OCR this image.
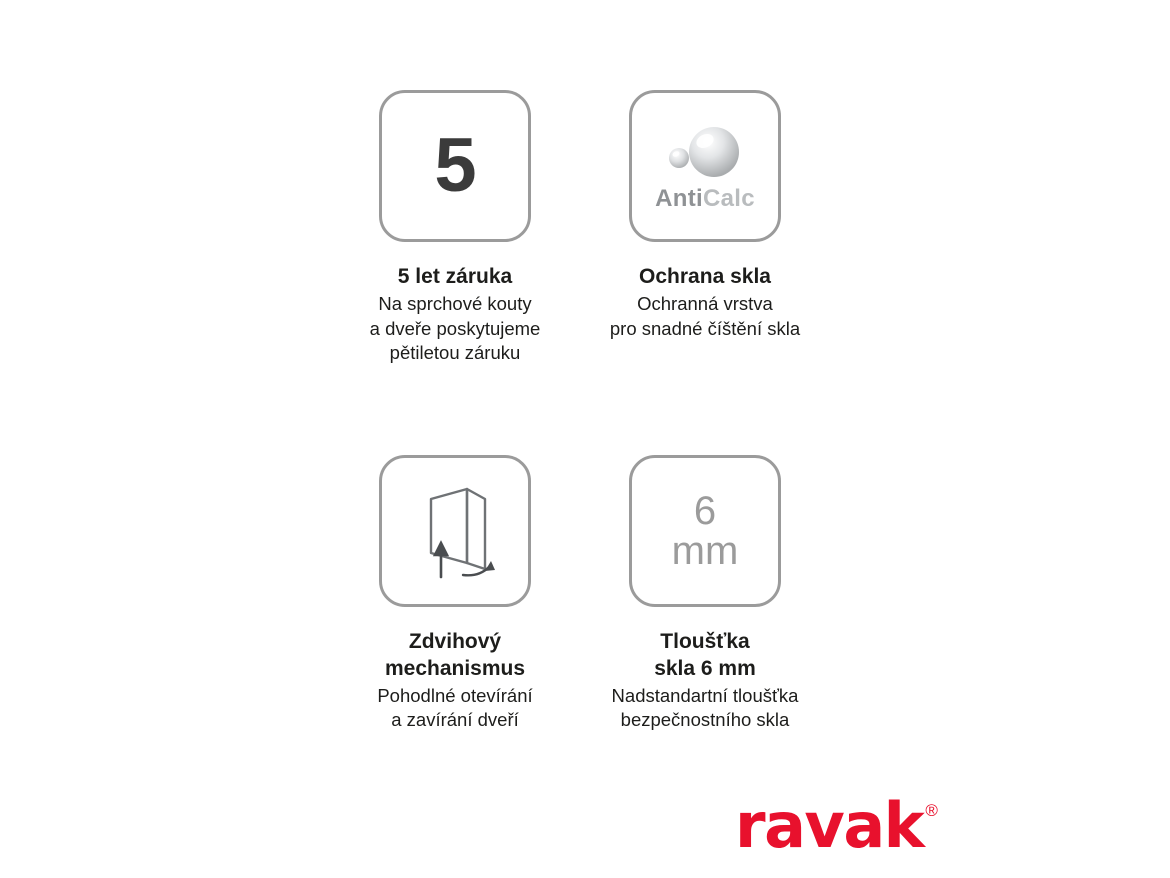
5
5 let záruka
Na sprchové kouty
a dveře poskytujeme
pětiletou záruku
AntiCalc
Ochrana skla
Ochranná vrstva
pro snadné číštění skla
Zdvihový
mechanismus
Pohodlné otevírání
a zavírání dveří
6
mm
Tloušťka
skla 6 mm
Nadstandartní tloušťka
bezpečnostního skla
ravak ®
